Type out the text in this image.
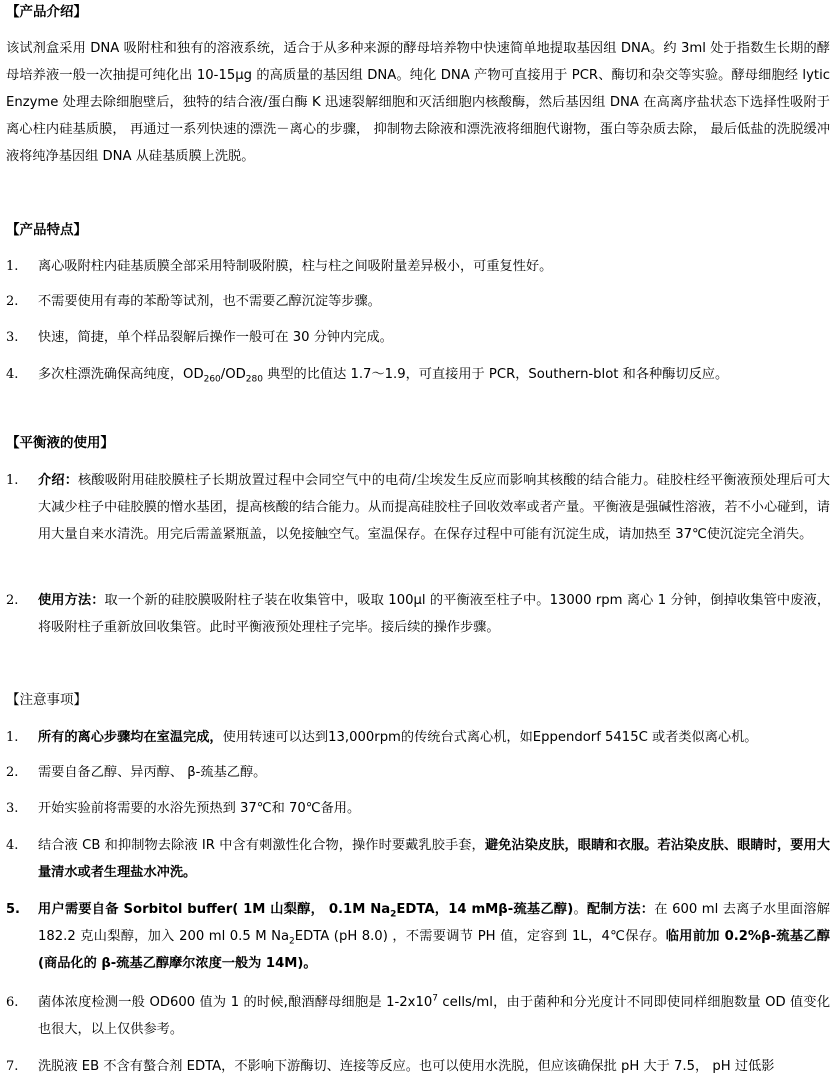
【产品介绍】
该试剂盒采用 DNA 吸附柱和独有的溶液系统，适合于从多种来源的酵母培养物中快速简单地提取基因组 DNA。约 3ml 处于指数生长期的酵母培养液一般一次抽提可纯化出 10-15μg 的高质量的基因组 DNA。纯化 DNA 产物可直接用于 PCR、酶切和杂交等实验。酵母细胞经 lytic Enzyme 处理去除细胞壁后，独特的结合液/蛋白酶 K 迅速裂解细胞和灭活细胞内核酸酶，然后基因组 DNA 在高离序盐状态下选择性吸附于离心柱内硅基质膜， 再通过一系列快速的漂洗－离心的步骤， 抑制物去除液和漂洗液将细胞代谢物，蛋白等杂质去除， 最后低盐的洗脱缓冲液将纯净基因组 DNA 从硅基质膜上洗脱。
【产品特点】
1.	离心吸附柱内硅基质膜全部采用特制吸附膜，柱与柱之间吸附量差异极小，可重复性好。
2.	不需要使用有毒的苯酚等试剂，也不需要乙醇沉淀等步骤。
3.	快速，简捷，单个样品裂解后操作一般可在 30 分钟内完成。
4.	多次柱漂洗确保高纯度，$OD_{260}/OD_{280}$ 典型的比值达 1.7～1.9，可直接用于 PCR，Southern-blot 和各种酶切反应。
【平衡液的使用】
1.	介绍：核酸吸附用硅胶膜柱子长期放置过程中会同空气中的电荷/尘埃发生反应而影响其核酸的结合能力。硅胶柱经平衡液预处理后可大大减少柱子中硅胶膜的憎水基团，提高核酸的结合能力。从而提高硅胶柱子回收效率或者产量。平衡液是强碱性溶液，若不小心碰到，请用大量自来水清洗。用完后需盖紧瓶盖，以免接触空气。室温保存。在保存过程中可能有沉淀生成，请加热至 37℃使沉淀完全消失。
2.	使用方法：取一个新的硅胶膜吸附柱子装在收集管中，吸取 100μl 的平衡液至柱子中。13000 rpm 离心 1 分钟，倒掉收集管中废液，将吸附柱子重新放回收集管。此时平衡液预处理柱子完毕。接后续的操作步骤。
【注意事项】
1.	所有的离心步骤均在室温完成，使用转速可以达到13,000rpm的传统台式离心机，如Eppendorf 5415C 或者类似离心机。
2.	需要自备乙醇、异丙醇、 β-巯基乙醇。
3.	开始实验前将需要的水浴先预热到 37℃和 70℃备用。
4.	结合液 CB 和抑制物去除液 IR 中含有刺激性化合物，操作时要戴乳胶手套，避免沾染皮肤，眼睛和衣服。若沾染皮肤、眼睛时，要用大量清水或者生理盐水冲洗。
5.	用户需要自备 Sorbitol buffer( 1M 山梨醇， 0.1M $Na_2EDTA$，14 mMβ-巯基乙醇)。配制方法：在 600 ml 去离子水里面溶解 182.2 克山梨醇，加入 200 ml 0.5 M $Na_2EDTA$ (pH 8.0) ，不需要调节 PH 值，定容到 1L，4℃保存。临用前加 0.2%β-巯基乙醇 (商品化的 β-巯基乙醇摩尔浓度一般为 14M)。
6.	菌体浓度检测一般 OD600 值为 1 的时候,酿酒酵母细胞是 $1-2x10^7$ cells/ml，由于菌种和分光度计不同即使同样细胞数量 OD 值变化也很大，以上仅供参考。
7.	洗脱液 EB 不含有螯合剂 EDTA，不影响下游酶切、连接等反应。也可以使用水洗脱，但应该确保批 pH 大于 7.5， pH 过低影
